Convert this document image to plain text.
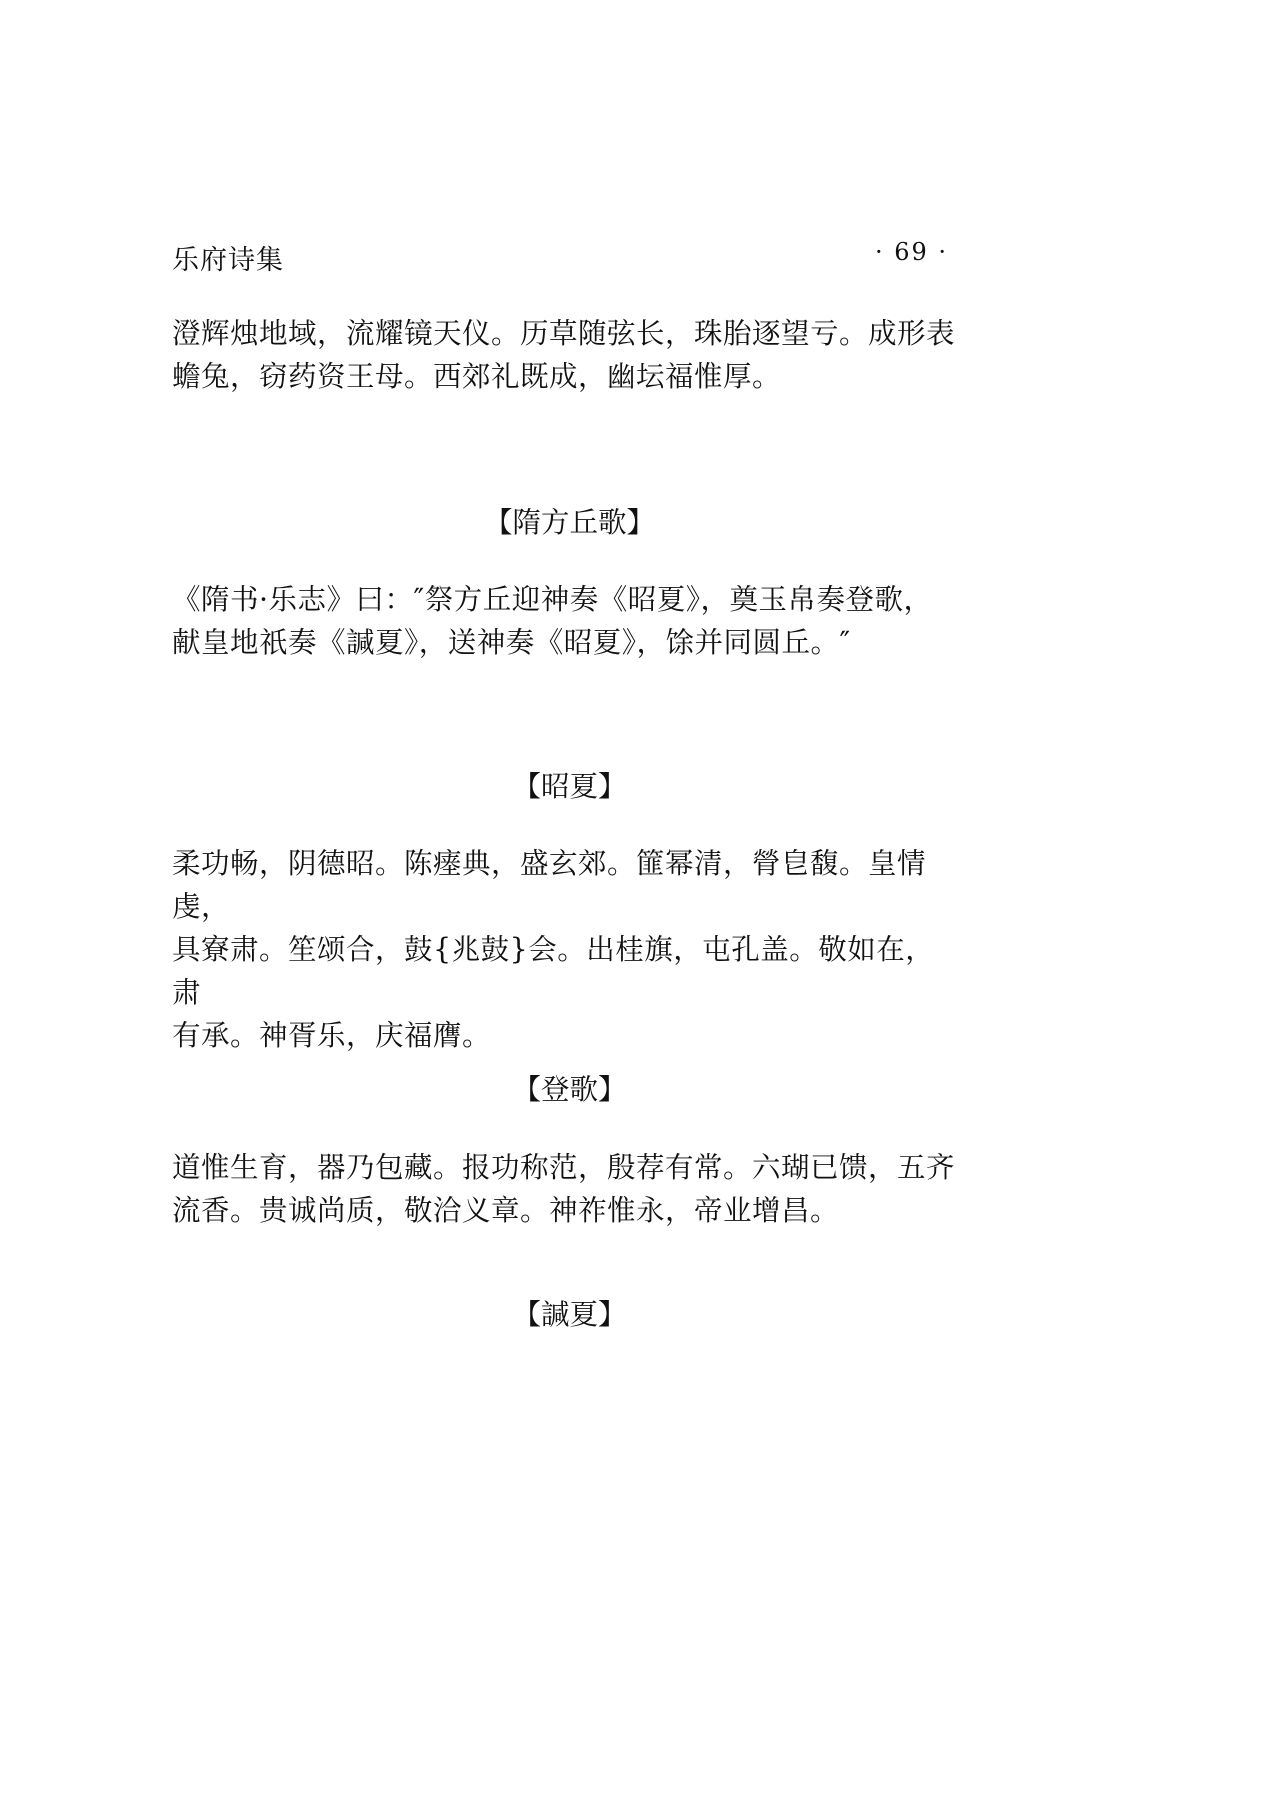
乐府诗集	· 69 ·
澄辉烛地域，流耀镜天仪。历草随弦长，珠胎逐望亏。成形表
蟾兔，窃药资王母。西郊礼既成，幽坛福惟厚。
【隋方丘歌】
《隋书·乐志》曰：″祭方丘迎神奏《昭夏》，奠玉帛奏登歌，
献皇地祇奏《諴夏》，送神奏《昭夏》，馀并同圆丘。″
【昭夏】
柔功畅，阴德昭。陈瘗典，盛玄郊。篚幂清，膋皀馥。皇情虔，
具寮肃。笙颂合，鼓{兆鼓}会。出桂旗，屯孔盖。敬如在，肃
有承。神胥乐，庆福膺。
【登歌】
道惟生育，器乃包藏。报功称范，殷荐有常。六瑚已馈，五齐
流香。贵诚尚质，敬洽义章。神祚惟永，帝业增昌。
【諴夏】
